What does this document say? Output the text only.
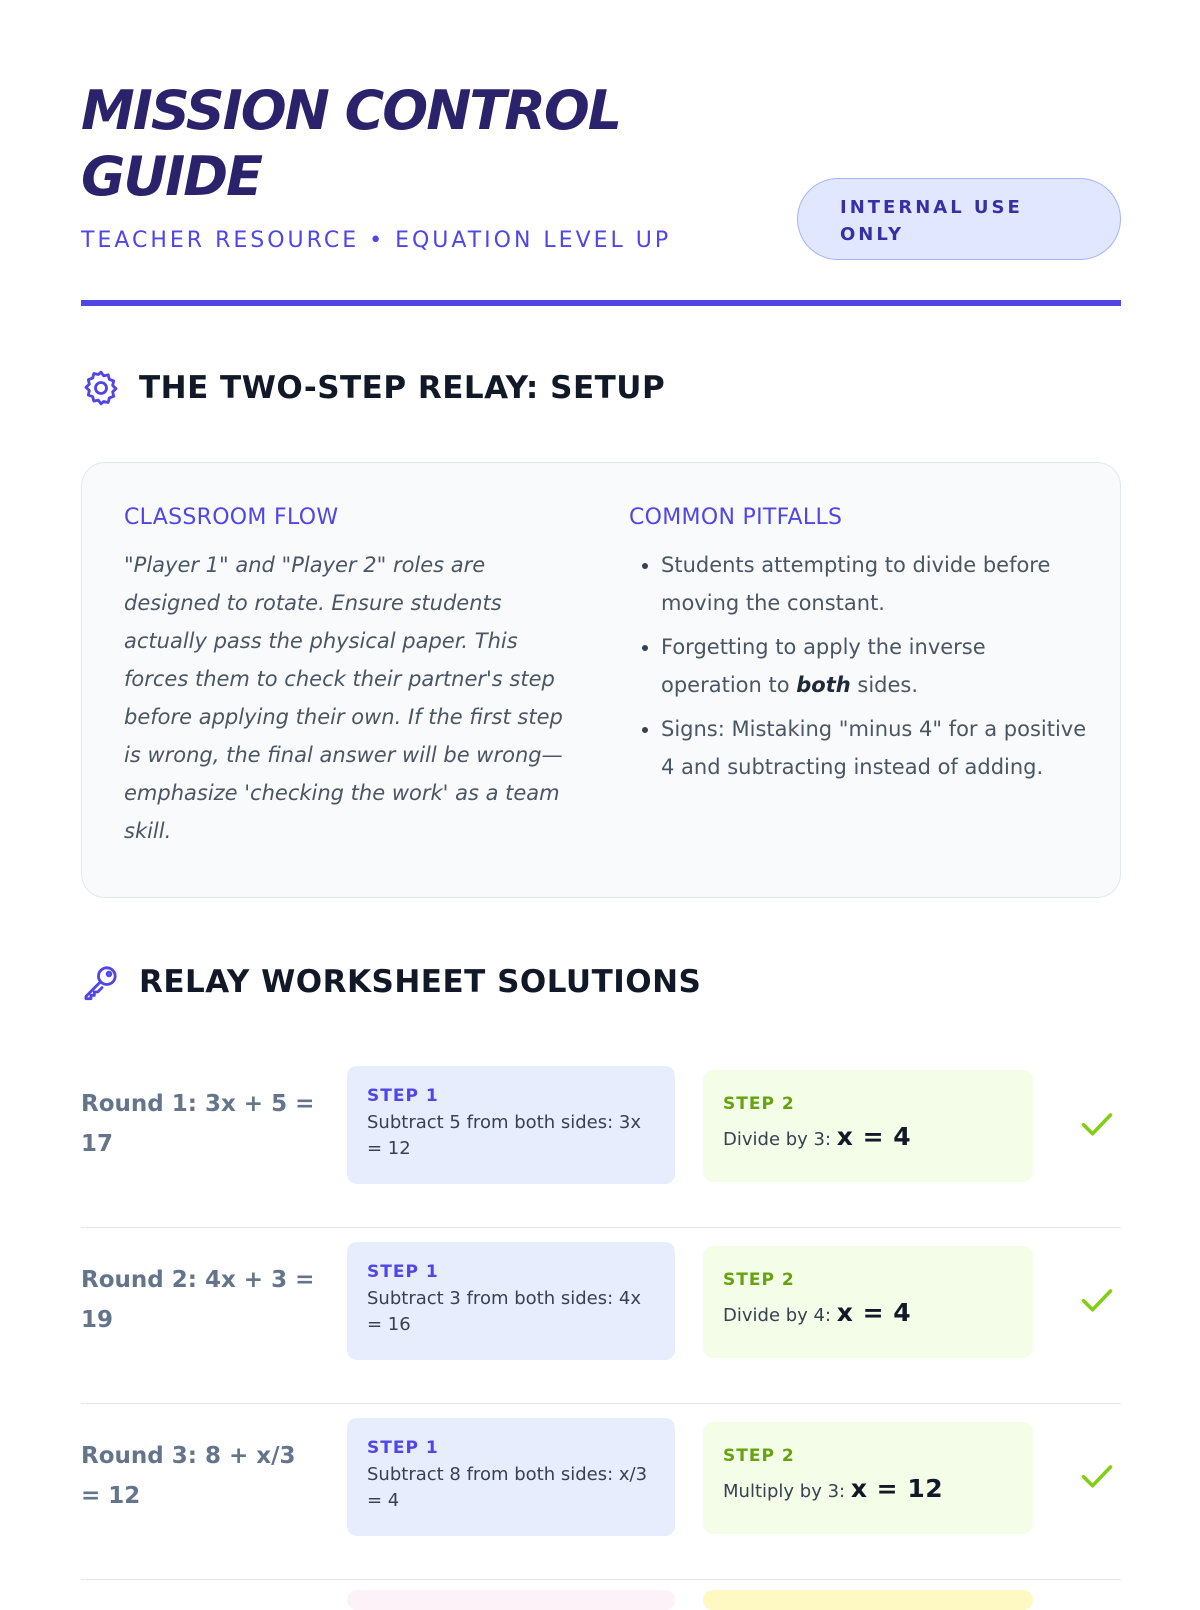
MISSION CONTROL GUIDE
TEACHER RESOURCE • EQUATION LEVEL UP
INTERNAL USE ONLY
THE TWO-STEP RELAY: SETUP
CLASSROOM FLOW

"Player 1" and "Player 2" roles are designed to rotate. Ensure students actually pass the physical paper. This forces them to check their partner's step before applying their own. If the first step is wrong, the final answer will be wrong—emphasize 'checking the work' as a team skill.

COMMON PITFALLS
• Students attempting to divide before moving the constant.
• Forgetting to apply the inverse operation to both sides.
• Signs: Mistaking "minus 4" for a positive 4 and subtracting instead of adding.
RELAY WORKSHEET SOLUTIONS
Round 1: 3x + 5 = 17
STEP 1
Subtract 5 from both sides: 3x = 12
STEP 2
Divide by 3: x = 4
Round 2: 4x + 3 = 19
STEP 1
Subtract 3 from both sides: 4x = 16
STEP 2
Divide by 4: x = 4
Round 3: 8 + x/3 = 12
STEP 1
Subtract 8 from both sides: x/3 = 4
STEP 2
Multiply by 3: x = 12
